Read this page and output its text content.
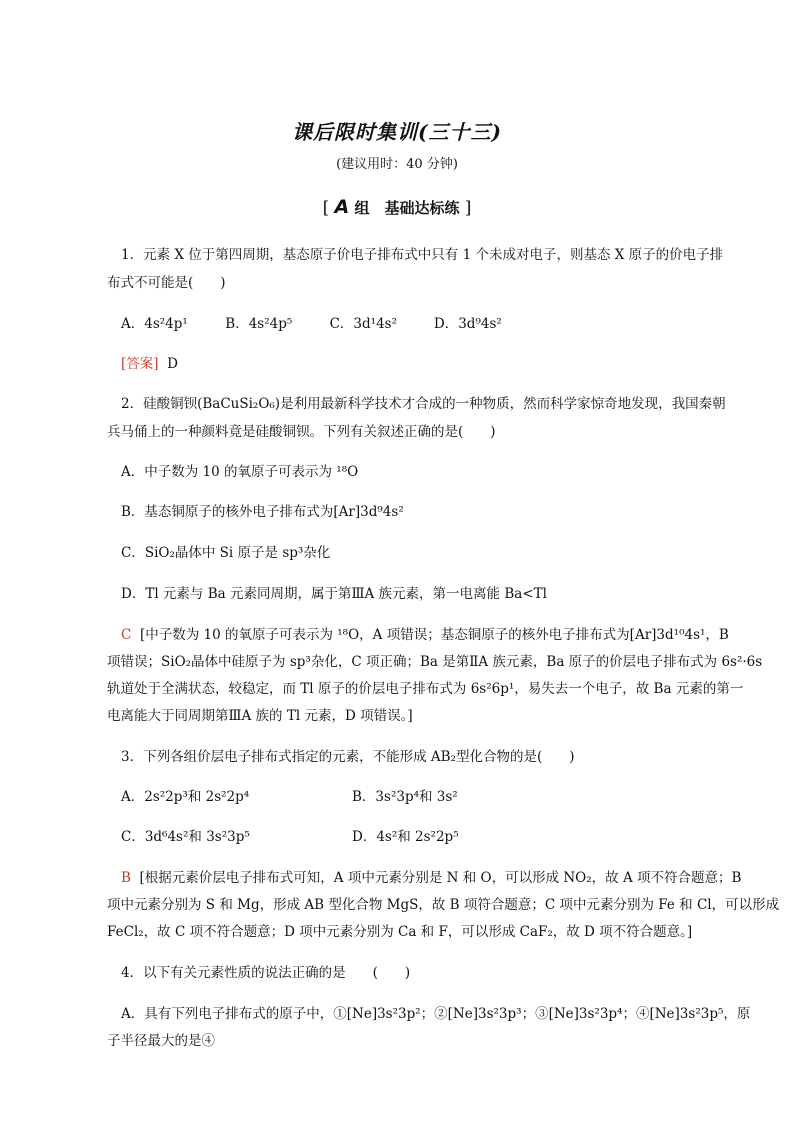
课后限时集训(三十三)
(建议用时：40 分钟)
[ A 组　基础达标练 ]
1．元素 X 位于第四周期，基态原子价电子排布式中只有 1 个未成对电子，则基态 X 原子的价电子排
布式不可能是(　　)
A．4s²4p¹	B．4s²4p⁵	C．3d¹4s²	D．3d⁹4s²
[答案] D
2．硅酸铜钡(BaCuSi₂O₆)是利用最新科学技术才合成的一种物质，然而科学家惊奇地发现，我国秦朝
兵马俑上的一种颜料竟是硅酸铜钡。下列有关叙述正确的是(　　)
A．中子数为 10 的氧原子可表示为 ¹⁸O
B．基态铜原子的核外电子排布式为[Ar]3d⁹4s²
C．SiO₂晶体中 Si 原子是 sp³杂化
D．Tl 元素与 Ba 元素同周期，属于第ⅢA 族元素，第一电离能 Ba<Tl
C [中子数为 10 的氧原子可表示为 ¹⁸O，A 项错误；基态铜原子的核外电子排布式为[Ar]3d¹⁰4s¹，B
项错误；SiO₂晶体中硅原子为 sp³杂化，C 项正确；Ba 是第ⅡA 族元素，Ba 原子的价层电子排布式为 6s²·6s
轨道处于全满状态，较稳定，而 Tl 原子的价层电子排布式为 6s²6p¹，易失去一个电子，故 Ba 元素的第一
电离能大于同周期第ⅢA 族的 Tl 元素，D 项错误。]
3．下列各组价层电子排布式指定的元素，不能形成 AB₂型化合物的是(　　)
A．2s²2p³和 2s²2p⁴	B．3s²3p⁴和 3s²
C．3d⁶4s²和 3s²3p⁵	D．4s²和 2s²2p⁵
B [根据元素价层电子排布式可知，A 项中元素分别是 N 和 O，可以形成 NO₂，故 A 项不符合题意；B
项中元素分别为 S 和 Mg，形成 AB 型化合物 MgS，故 B 项符合题意；C 项中元素分别为 Fe 和 Cl，可以形成
FeCl₂，故 C 项不符合题意；D 项中元素分别为 Ca 和 F，可以形成 CaF₂，故 D 项不符合题意。]
4．以下有关元素性质的说法正确的是　　(　　)
A．具有下列电子排布式的原子中，①[Ne]3s²3p²；②[Ne]3s²3p³；③[Ne]3s²3p⁴；④[Ne]3s²3p⁵，原
子半径最大的是④
